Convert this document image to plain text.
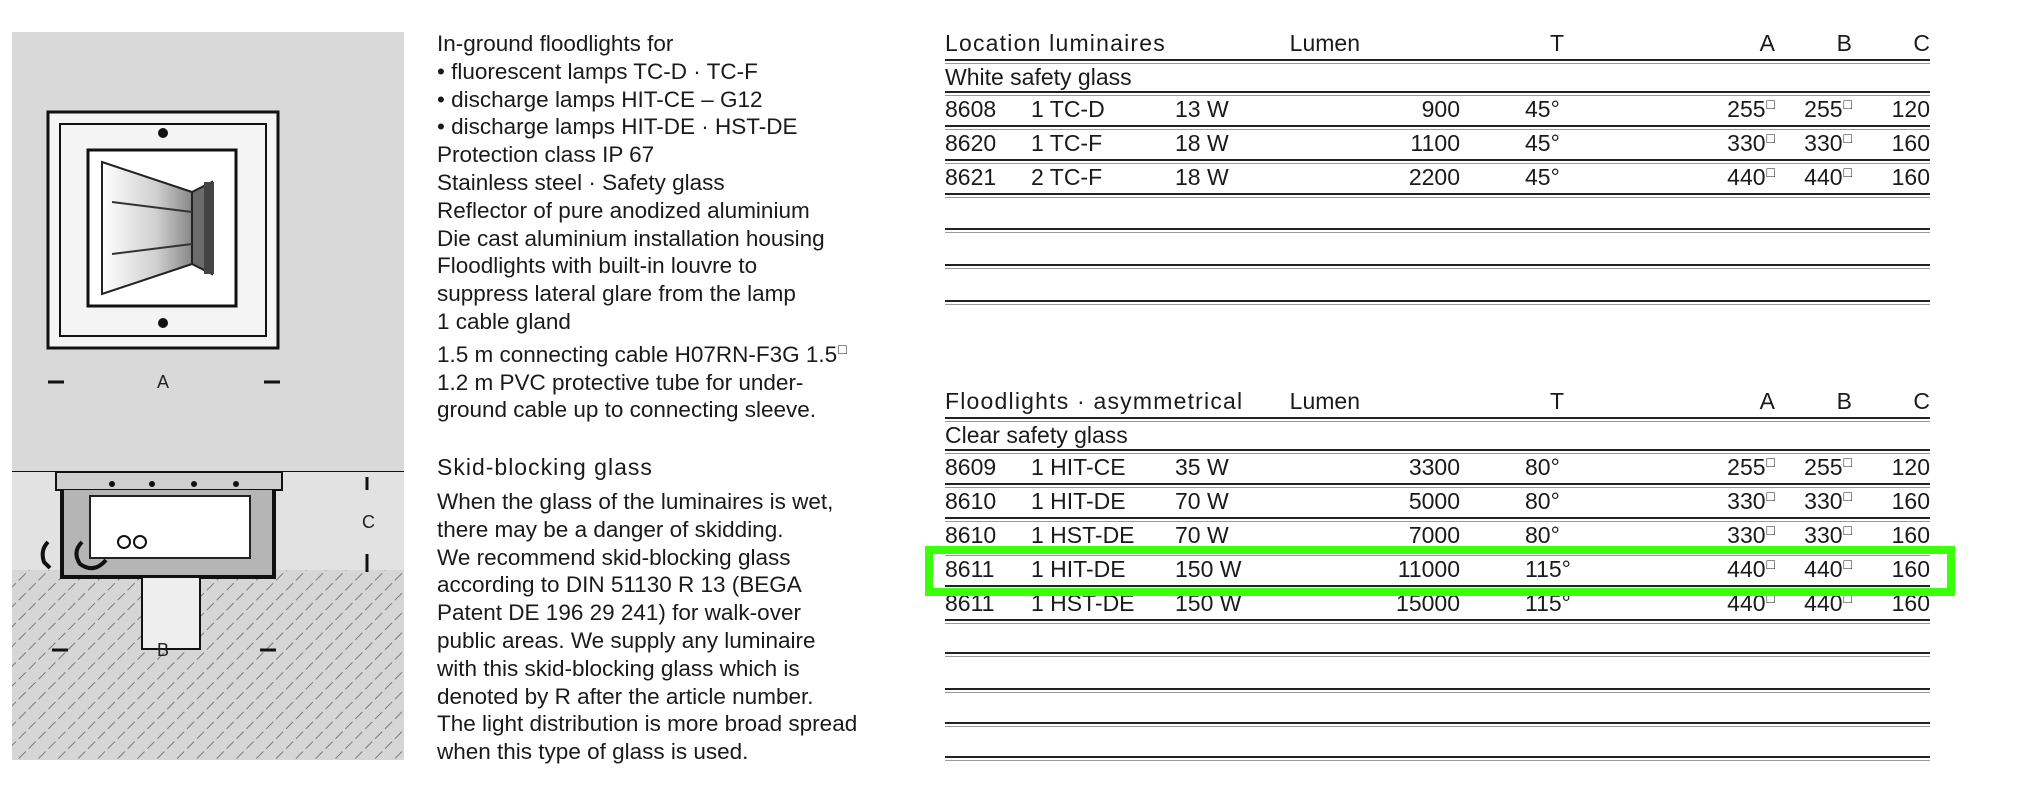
A
C
B
In-ground floodlights for
• fluorescent lamps TC-D · TC-F
• discharge lamps HIT-CE – G12
• discharge lamps HIT-DE · HST-DE
Protection class IP 67
Stainless steel · Safety glass
Reflector of pure anodized aluminium
Die cast aluminium installation housing
Floodlights with built-in louvre to
suppress lateral glare from the lamp
1 cable gland
1.5 m connecting cable H07RN-F3G 1.5□
1.2 m PVC protective tube for under-
ground cable up to connecting sleeve.
Skid-blocking glass
When the glass of the luminaires is wet,
there may be a danger of skidding.
We recommend skid-blocking glass
according to DIN 51130 R 13 (BEGA
Patent DE 196 29 241) for walk-over
public areas. We supply any luminaire
with this skid-blocking glass which is
denoted by R after the article number.
The light distribution is more broad spread
when this type of glass is used.
Location luminaires	Lumen	T	A	B	C
White safety glass
8608 1 TC-D	13 W	900	45°	255□ 255□ 120
8620 1 TC-F	18 W	1100	45°	330□ 330□ 160
8621 2 TC-F	18 W	2200	45°	440□ 440□ 160
Floodlights · asymmetrical Lumen	T	A	B	C
Clear safety glass
8609 1 HIT-CE 35 W	3300	80°	255□ 255□ 120
8610 1 HIT-DE 70 W	5000	80°	330□ 330□ 160
8610 1 HST-DE 70 W	7000	80°	330□ 330□ 160
8611 1 HIT-DE 150 W	11000	115°	440□ 440□ 160
8611 1 HST-DE 150 W	15000	115°	440□ 440□ 160
